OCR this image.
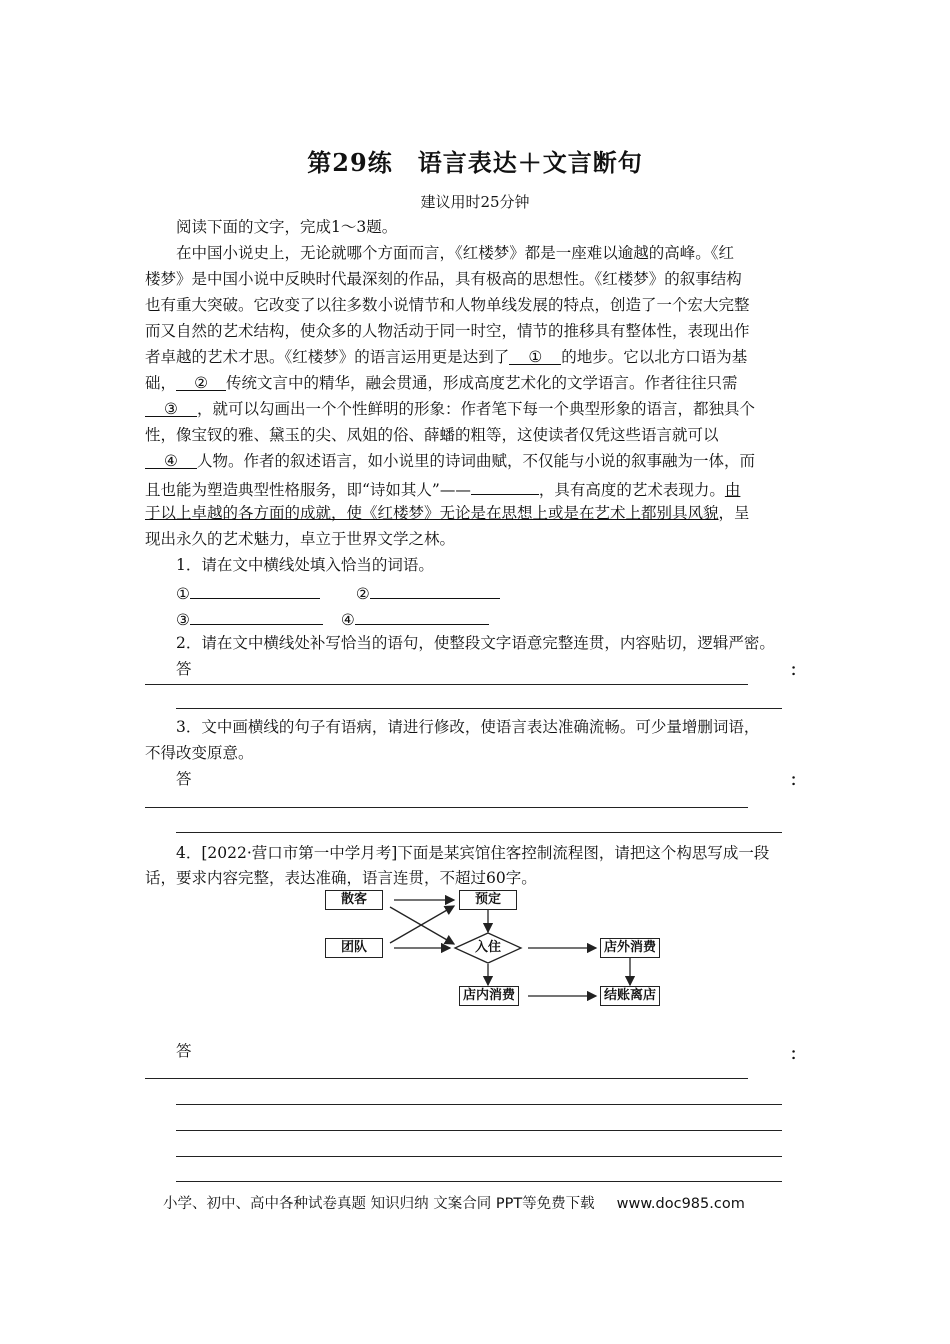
第29练　语言表达＋文言断句
建议用时25分钟
阅读下面的文字，完成1～3题。
在中国小说史上，无论就哪个方面而言，《红楼梦》都是一座难以逾越的高峰。《红
楼梦》是中国小说中反映时代最深刻的作品，具有极高的思想性。《红楼梦》的叙事结构
也有重大突破。它改变了以往多数小说情节和人物单线发展的特点，创造了一个宏大完整
而又自然的艺术结构，使众多的人物活动于同一时空，情节的推移具有整体性，表现出作
者卓越的艺术才思。《红楼梦》的语言运用更是达到了 ① 的地步。它以北方口语为基
础， ② 传统文言中的精华，融会贯通，形成高度艺术化的文学语言。作者往往只需
③ ，就可以勾画出一个个性鲜明的形象：作者笔下每一个典型形象的语言，都独具个
性，像宝钗的雅、黛玉的尖、凤姐的俗、薛蟠的粗等，这使读者仅凭这些语言就可以
④ 人物。作者的叙述语言，如小说里的诗词曲赋，不仅能与小说的叙事融为一体，而
且也能为塑造典型性格服务，即“诗如其人”——	，具有高度的艺术表现力。由
于以上卓越的各方面的成就，使《红楼梦》无论是在思想上或是在艺术上都别具风貌，呈
现出永久的艺术魅力，卓立于世界文学之林。
1．请在文中横线处填入恰当的词语。
①	②
③	④
2．请在文中横线处补写恰当的语句，使整段文字语意完整连贯，内容贴切，逻辑严密。
答	：
3．文中画横线的句子有语病，请进行修改，使语言表达准确流畅。可少量增删词语，
不得改变原意。
答	：
4．[2022·营口市第一中学月考]下面是某宾馆住客控制流程图，请把这个构思写成一段
话，要求内容完整，表达准确，语言连贯，不超过60字。
散客	预定
团队	入住	店外消费
店内消费	结账离店
答	：
小学、初中、高中各种试卷真题 知识归纳 文案合同 PPT等免费下载 www.doc985.com
